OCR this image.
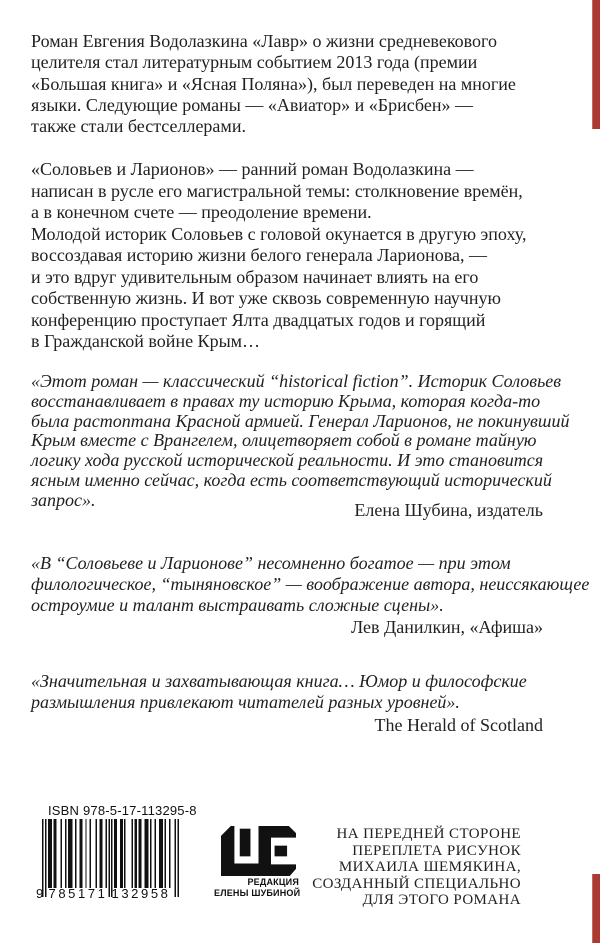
Роман Евгения Водолазкина «Лавр» о жизни средневекового
целителя стал литературным событием 2013 года (премии
«Большая книга» и «Ясная Поляна»), был переведен на многие
языки. Следующие романы — «Авиатор» и «Брисбен» —
также стали бестселлерами.
«Соловьев и Ларионов» — ранний роман Водолазкина —
написан в русле его магистральной темы: столкновение времён,
а в конечном счете — преодоление времени.
Молодой историк Соловьев с головой окунается в другую эпоху,
воссоздавая историю жизни белого генерала Ларионова, —
и это вдруг удивительным образом начинает влиять на его
собственную жизнь. И вот уже сквозь современную научную
конференцию проступает Ялта двадцатых годов и горящий
в Гражданской войне Крым…
«Этот роман — классический “historical fiction”. Историк Соловьев
восстанавливает в правах ту историю Крыма, которая когда-то
была растоптана Красной армией. Генерал Ларионов, не покинувший
Крым вместе с Врангелем, олицетворяет собой в романе тайную
логику хода русской исторической реальности. И это становится
ясным именно сейчас, когда есть соответствующий исторический
запрос».
Елена Шубина, издатель
«В “Соловьеве и Ларионове” несомненно богатое — при этом
филологическое, “тыняновское” — воображение автора, неиссякающее
остроумие и талант выстраивать сложные сцены».
Лев Данилкин, «Афиша»
«Значительная и захватывающая книга… Юмор и философские
размышления привлекают читателей разных уровней».
The Herald of Scotland
ISBN 978-5-17-113295-8
9 785171 132958
РЕДАКЦИЯ
ЕЛЕНЫ ШУБИНОЙ
НА ПЕРЕДНЕЙ СТОРОНЕ
ПЕРЕПЛЕТА РИСУНОК
МИХАИЛА ШЕМЯКИНА,
СОЗДАННЫЙ СПЕЦИАЛЬНО
ДЛЯ ЭТОГО РОМАНА
